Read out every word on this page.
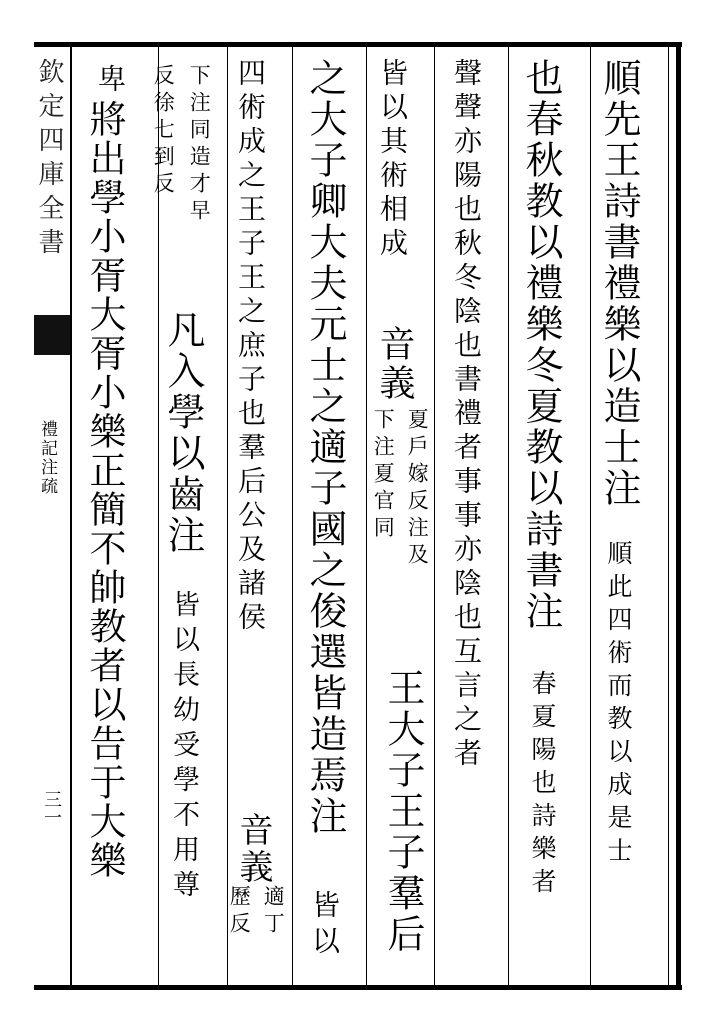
欽定四庫全書
禮記注疏
三一
順先王詩書禮樂以造士注
順此四術而教以成是士
也春秋教以禮樂冬夏教以詩書注
春夏陽也詩樂者
聲聲亦陽也秋冬陰也書禮者事事亦陰也互言之者
皆以其術相成
音義
夏戶嫁反注及
下注夏官同
王大子王子羣后
之大子卿大夫元士之適子國之俊選皆造焉注
皆以
四術成之王子王之庶子也羣后公及諸侯
音義
適丁
歷反
下注同造才早
反徐七到反
凡入學以齒注
皆以長幼受學不用尊
卑
將出學小胥大胥小樂正簡不帥教者以告于大樂
